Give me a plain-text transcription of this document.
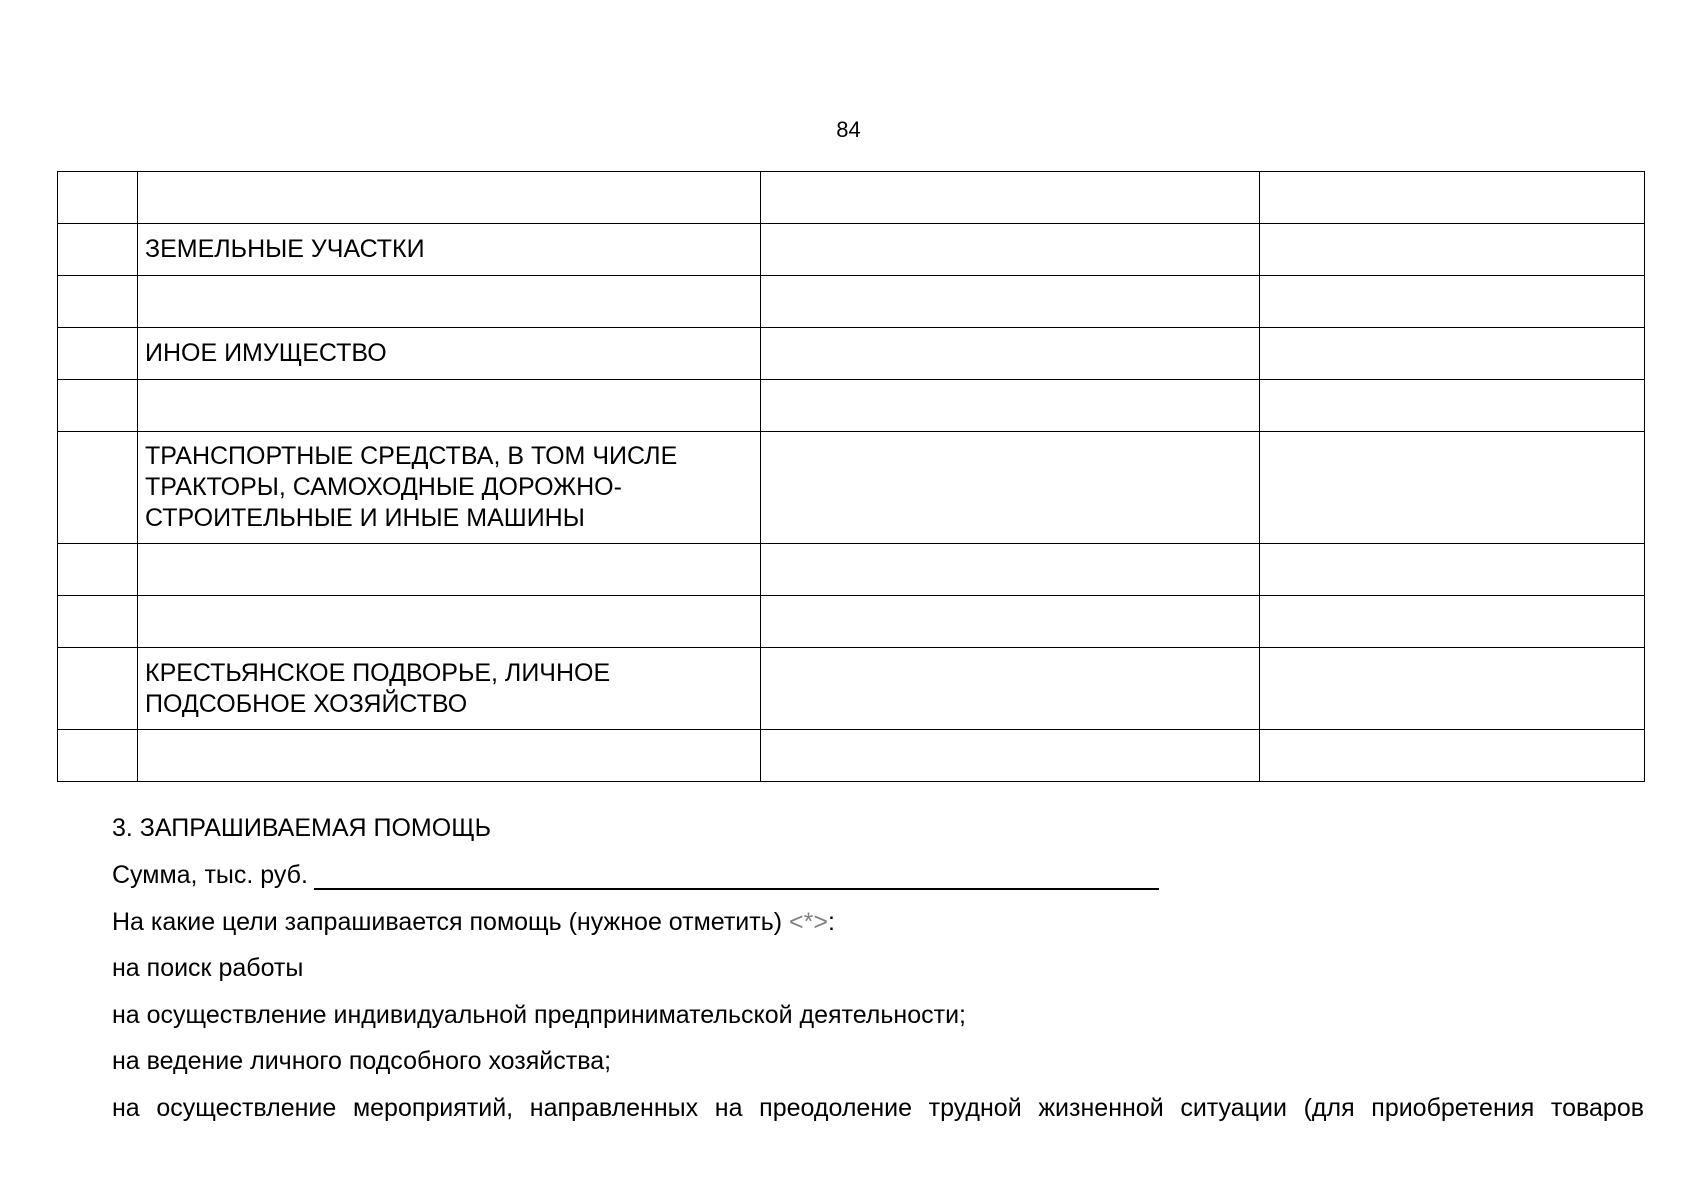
84

	ЗЕМЕЛЬНЫЕ УЧАСТКИ		

	ИНОЕ ИМУЩЕСТВО		

	ТРАНСПОРТНЫЕ СРЕДСТВА, В ТОМ ЧИСЛЕ ТРАКТОРЫ, САМОХОДНЫЕ ДОРОЖНО-СТРОИТЕЛЬНЫЕ И ИНЫЕ МАШИНЫ		

	КРЕСТЬЯНСКОЕ ПОДВОРЬЕ, ЛИЧНОЕ ПОДСОБНОЕ ХОЗЯЙСТВО		

3. ЗАПРАШИВАЕМАЯ ПОМОЩЬ
Сумма, тыс. руб.
На какие цели запрашивается помощь (нужное отметить) <*>:
на поиск работы
на осуществление индивидуальной предпринимательской деятельности;
на ведение личного подсобного хозяйства;
на осуществление мероприятий, направленных на преодоление трудной жизненной ситуации (для приобретения товаров
